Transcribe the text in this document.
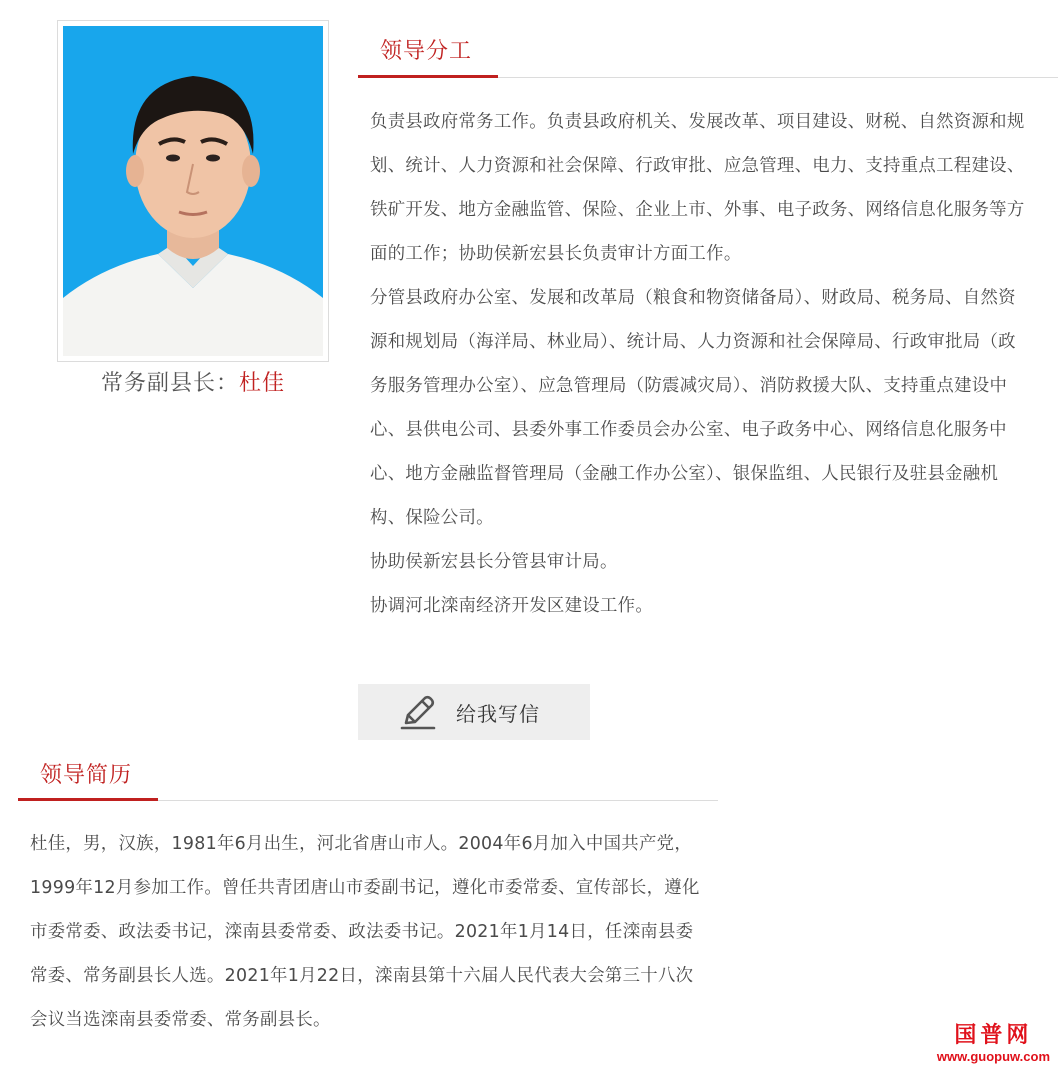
常务副县长：杜佳
领导分工

负责县政府常务工作。负责县政府机关、发展改革、项目建设、财税、自然资源和规划、统计、人力资源和社会保障、行政审批、应急管理、电力、支持重点工程建设、铁矿开发、地方金融监管、保险、企业上市、外事、电子政务、网络信息化服务等方面的工作；协助侯新宏县长负责审计方面工作。

分管县政府办公室、发展和改革局（粮食和物资储备局）、财政局、税务局、自然资源和规划局（海洋局、林业局）、统计局、人力资源和社会保障局、行政审批局（政务服务管理办公室）、应急管理局（防震减灾局）、消防救援大队、支持重点建设中心、县供电公司、县委外事工作委员会办公室、电子政务中心、网络信息化服务中心、地方金融监督管理局（金融工作办公室）、银保监组、人民银行及驻县金融机构、保险公司。

协助侯新宏县长分管县审计局。

协调河北滦南经济开发区建设工作。

给我写信
领导简历

杜佳，男，汉族，1981年6月出生，河北省唐山市人。2004年6月加入中国共产党，1999年12月参加工作。曾任共青团唐山市委副书记，遵化市委常委、宣传部长，遵化市委常委、政法委书记，滦南县委常委、政法委书记。2021年1月14日，任滦南县委常委、常务副县长人选。2021年1月22日，滦南县第十六届人民代表大会第三十八次会议当选滦南县委常委、常务副县长。

国普网
www.guopuw.com
